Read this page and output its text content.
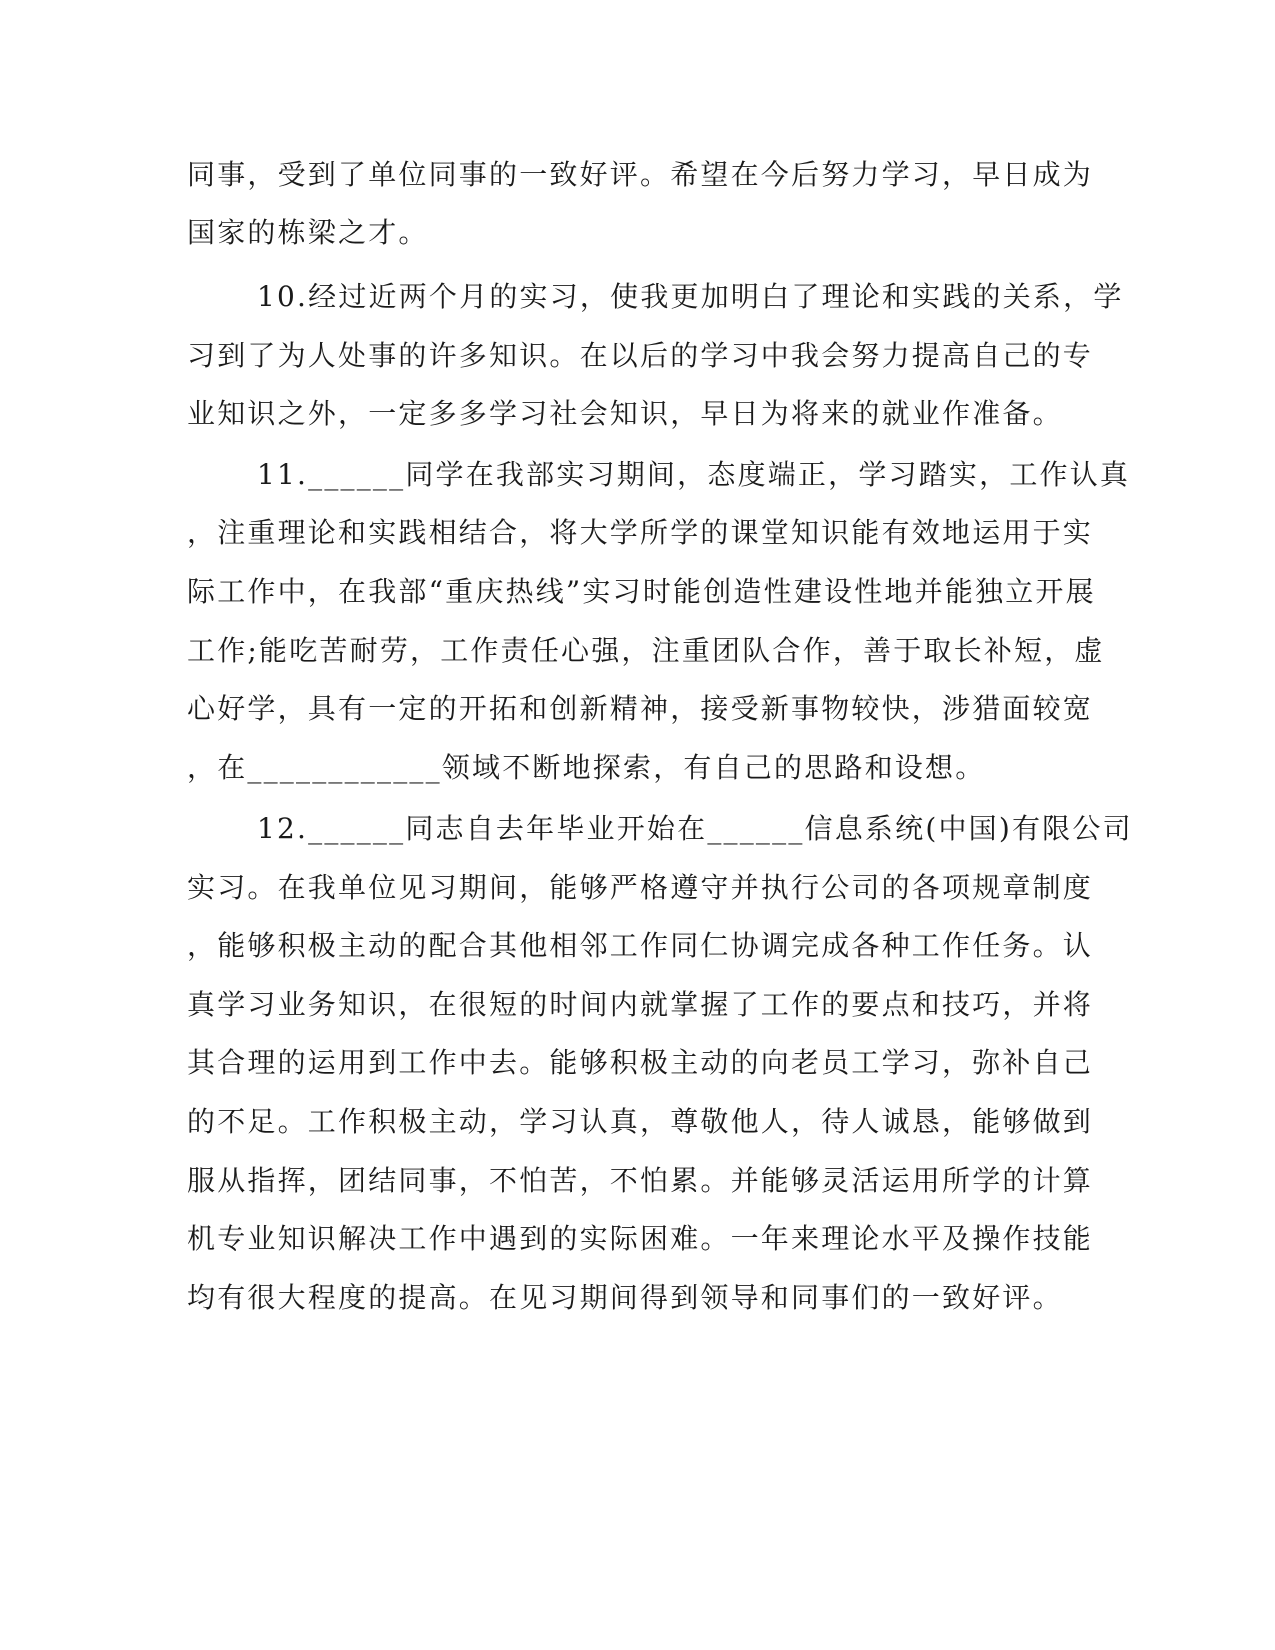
同事，受到了单位同事的一致好评。希望在今后努力学习，早日成为
国家的栋梁之才。
10.经过近两个月的实习，使我更加明白了理论和实践的关系，学
习到了为人处事的许多知识。在以后的学习中我会努力提高自己的专
业知识之外，一定多多学习社会知识，早日为将来的就业作准备。
11.______同学在我部实习期间，态度端正，学习踏实，工作认真
，注重理论和实践相结合，将大学所学的课堂知识能有效地运用于实
际工作中，在我部“重庆热线”实习时能创造性建设性地并能独立开展
工作;能吃苦耐劳，工作责任心强，注重团队合作，善于取长补短，虚
心好学，具有一定的开拓和创新精神，接受新事物较快，涉猎面较宽
，在____________领域不断地探索，有自己的思路和设想。
12.______同志自去年毕业开始在______信息系统(中国)有限公司
实习。在我单位见习期间，能够严格遵守并执行公司的各项规章制度
，能够积极主动的配合其他相邻工作同仁协调完成各种工作任务。认
真学习业务知识，在很短的时间内就掌握了工作的要点和技巧，并将
其合理的运用到工作中去。能够积极主动的向老员工学习，弥补自己
的不足。工作积极主动，学习认真，尊敬他人，待人诚恳，能够做到
服从指挥，团结同事，不怕苦，不怕累。并能够灵活运用所学的计算
机专业知识解决工作中遇到的实际困难。一年来理论水平及操作技能
均有很大程度的提高。在见习期间得到领导和同事们的一致好评。
